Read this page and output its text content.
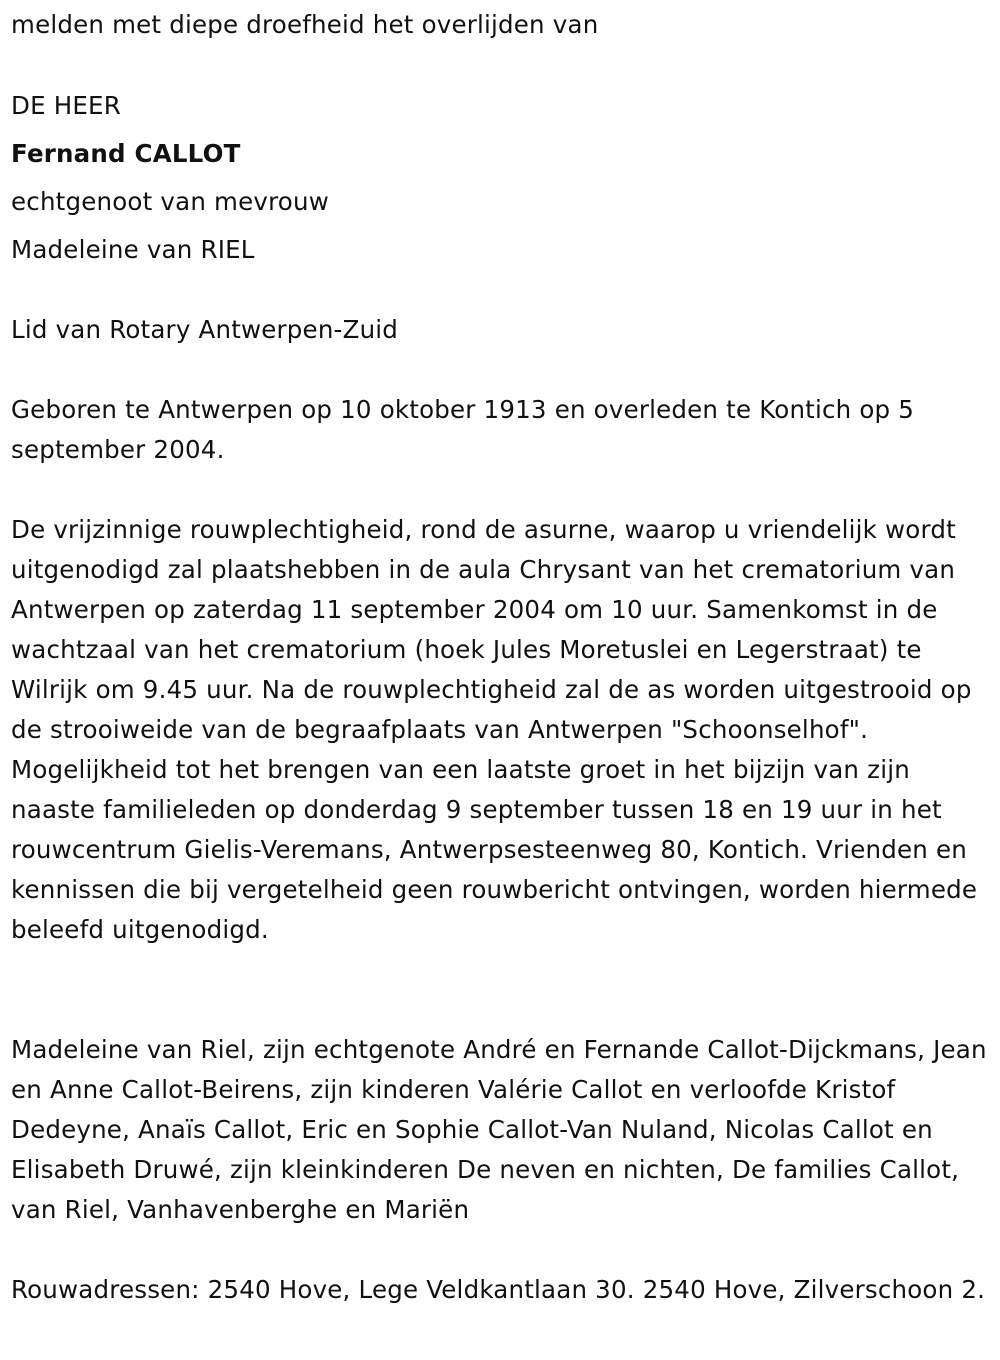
melden met diepe droefheid het overlijden van

DE HEER

Fernand CALLOT

echtgenoot van mevrouw

Madeleine van RIEL

Lid van Rotary Antwerpen-Zuid

Geboren te Antwerpen op 10 oktober 1913 en overleden te Kontich op 5 september 2004.

De vrijzinnige rouwplechtigheid, rond de asurne, waarop u vriendelijk wordt uitgenodigd zal plaatshebben in de aula Chrysant van het crematorium van Antwerpen op zaterdag 11 september 2004 om 10 uur. Samenkomst in de wachtzaal van het crematorium (hoek Jules Moretuslei en Legerstraat) te Wilrijk om 9.45 uur. Na de rouwplechtigheid zal de as worden uitgestrooid op de strooiweide van de begraafplaats van Antwerpen "Schoonselhof". Mogelijkheid tot het brengen van een laatste groet in het bijzijn van zijn naaste familieleden op donderdag 9 september tussen 18 en 19 uur in het rouwcentrum Gielis-Veremans, Antwerpsesteenweg 80, Kontich. Vrienden en kennissen die bij vergetelheid geen rouwbericht ontvingen, worden hiermede beleefd uitgenodigd.

Madeleine van Riel, zijn echtgenote André en Fernande Callot-Dijckmans, Jean en Anne Callot-Beirens, zijn kinderen Valérie Callot en verloofde Kristof Dedeyne, Anaïs Callot, Eric en Sophie Callot-Van Nuland, Nicolas Callot en Elisabeth Druwé, zijn kleinkinderen De neven en nichten, De families Callot, van Riel, Vanhavenberghe en Mariën

Rouwadressen: 2540 Hove, Lege Veldkantlaan 30. 2540 Hove, Zilverschoon 2.
